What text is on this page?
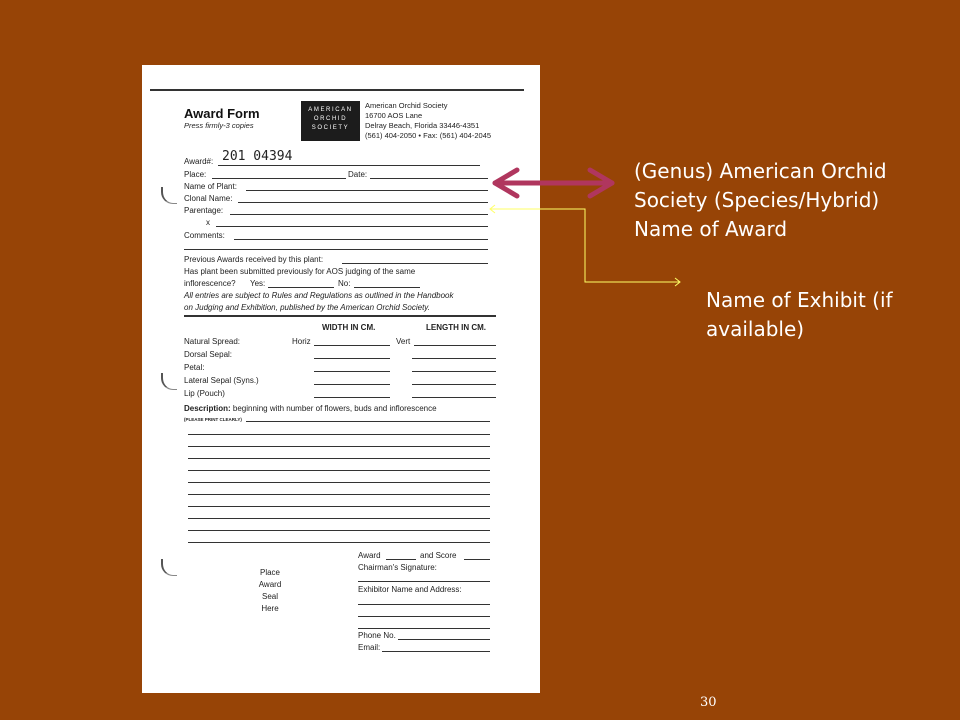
Award Form
Press firmly-3 copies
AMERICAN
ORCHID
SOCIETY
American Orchid Society
16700 AOS Lane
Delray Beach, Florida 33446-4351
(561) 404-2050 • Fax: (561) 404-2045
Award#: 201 04394
Place:	Date:
Name of Plant:
Clonal Name:
Parentage:
x
Comments:
Previous Awards received by this plant:
Has plant been submitted previously for AOS judging of the same
inflorescence? Yes:	No:
All entries are subject to Rules and Regulations as outlined in the Handbook
on Judging and Exhibition, published by the American Orchid Society.
WIDTH IN CM.	LENGTH IN CM.
Natural Spread:	Horiz	Vert
Dorsal Sepal:
Petal:
Lateral Sepal (Syns.)
Lip (Pouch)
Description: beginning with number of flowers, buds and inflorescence
(PLEASE PRINT CLEARLY)
Place
Award
Seal
Here
Award	and Score
Chairman's Signature:
Exhibitor Name and Address:
Phone No.
Email:
(Genus) American Orchid Society (Species/Hybrid) Name of Award
Name of Exhibit (if available)
30
